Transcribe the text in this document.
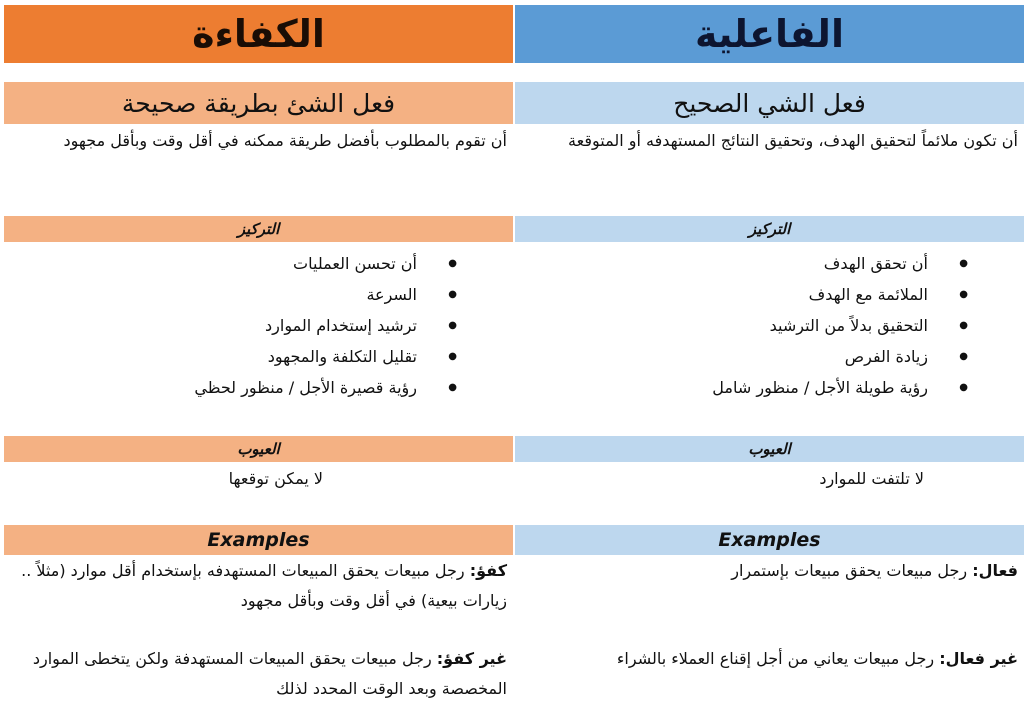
الفاعلية
فعل الشي الصحيح
أن تكون ملائماً لتحقيق الهدف، وتحقيق النتائج المستهدفه أو المتوقعة
التركيز
● أن تحقق الهدف
● الملائمة مع الهدف
● التحقيق بدلاً من الترشيد
● زيادة الفرص
● رؤية طويلة الأجل / منظور شامل
العيوب
لا تلتفت للموارد
Examples
فعال: رجل مبيعات يحقق مبيعات بإستمرار
غير فعال: رجل مبيعات يعاني من أجل إقناع العملاء بالشراء
الكفاءة
فعل الشئ بطريقة صحيحة
أن تقوم بالمطلوب بأفضل طريقة ممكنه في أقل وقت وبأقل مجهود
التركيز
● أن تحسن العمليات
● السرعة
● ترشيد إستخدام الموارد
● تقليل التكلفة والمجهود
● رؤية قصيرة الأجل / منظور لحظي
العيوب
لا يمكن توقعها
Examples
كفؤ: رجل مبيعات يحقق المبيعات المستهدفه بإستخدام أقل موارد (مثلاً .. زيارات بيعية) في أقل وقت وبأقل مجهود
غير كفؤ: رجل مبيعات يحقق المبيعات المستهدفة ولكن يتخطى الموارد المخصصة وبعد الوقت المحدد لذلك
